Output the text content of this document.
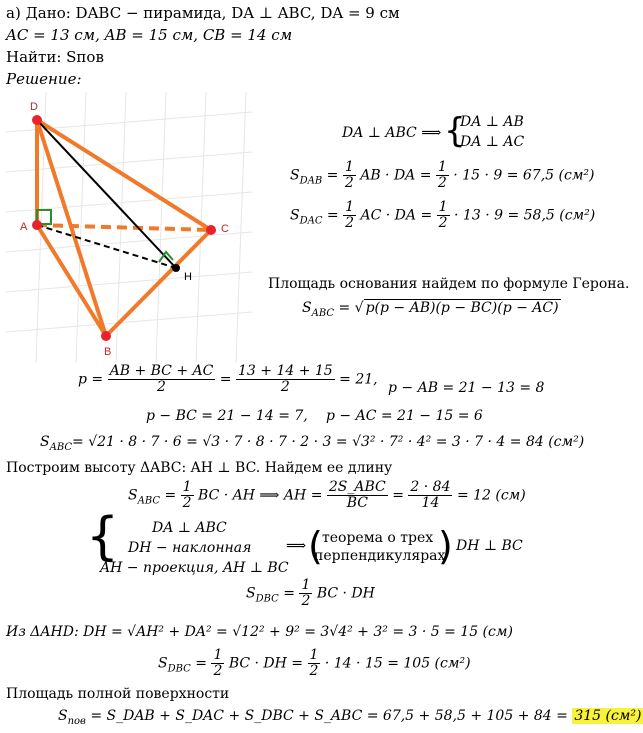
а) Дано: DABC − пирамида, DA ⊥ ABC, DA = 9 см
AC = 13 см, AB = 15 см, CB = 14 см
Найти: Sпов
Решение:
D
A
B
C
H
DA ⊥ ABC ⟹ {
DA ⊥ AB
DA ⊥ AC
$S_{DAB} = \frac{1}{2}$ AB · DA = $\frac{1}{2} \cdot 15 \cdot 9 = 67,5$ (см²)
$S_{DAC} = \frac{1}{2}$ AC · DA = $\frac{1}{2} \cdot 13 \cdot 9 = 58,5$ (см²)
Площадь основания найдем по формуле Герона.
$S_{ABC}$ = √ p(p − AB)(p − BC)(p − AC)
$p = \frac{AB + BC + AC}{2} = \frac{13 + 14 + 15}{2} = 21$,
p − AB = 21 − 13 = 8
p − BC = 21 − 14 = 7, p − AC = 21 − 15 = 6
$S_{ABC}= √21 \cdot 8 \cdot 7 \cdot 6 = √3 \cdot 7 \cdot 8 \cdot 7 \cdot 2 \cdot 3 = √3^2 \cdot 7^2 \cdot 4^2 = 3 \cdot 7 \cdot 4 = 84$ (см²)
Построим высоту ΔABC: AH ⊥ BC. Найдем ее длину
$S_{ABC} = \frac{1}{2}$ BC · AH ⟹ AH = $\frac{\text{2S\_ABC}}{BC} = \frac{2 \cdot 84}{14} = 12$ (см)
{ DA ⊥ ABC
DH − наклонная
AH − проекция, AH ⊥ BC
⟹ ( теорема о трех
перпендикулярах
) DH ⊥ BC
$S_{DBC} = \frac{1}{2}$ BC · DH
Из ΔAHD: DH = √AH² + DA² = √12² + 9² = 3√4² + 3² = 3 · 5 = 15 (см)
$S_{DBC} = \frac{1}{2}$ BC · DH = $\frac{1}{2} \cdot 14 \cdot 15 = 105$ (см²)
Площадь полной поверхности
$S_{пов}$ = S_DAB + S_DAC + S_DBC + S_ABC = 67,5 + 58,5 + 105 + 84 = 315 (см²)
